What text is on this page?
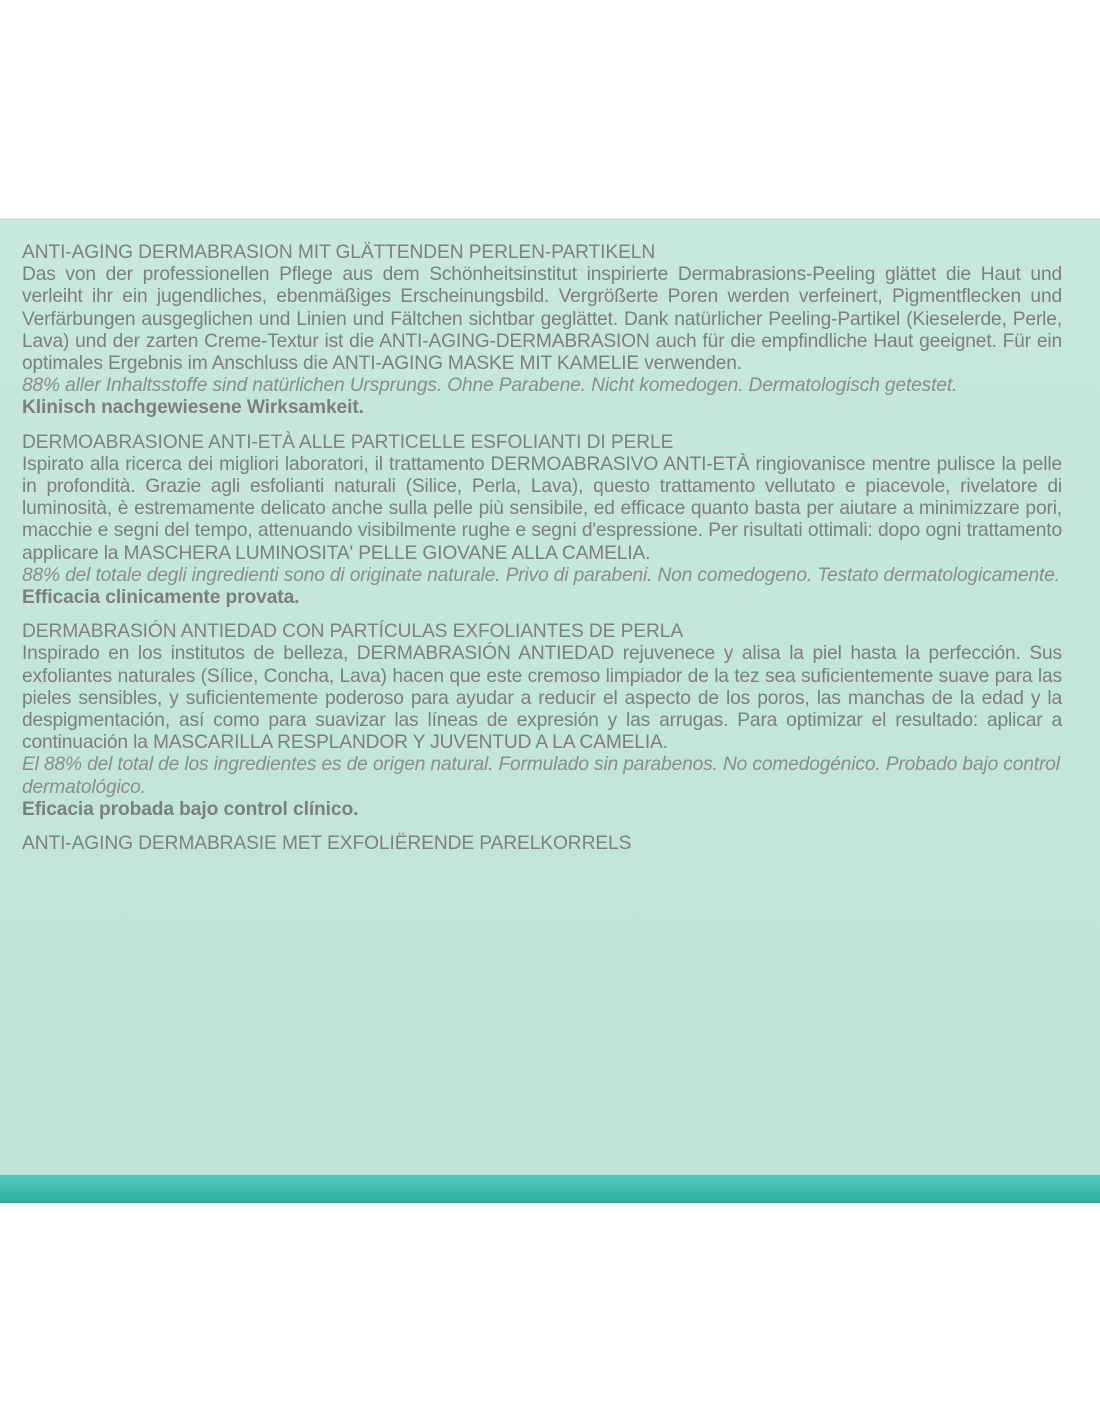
ANTI-AGING DERMABRASION MIT GLÄTTENDEN PERLEN-PARTIKELN
Das von der professionellen Pflege aus dem Schönheitsinstitut inspirierte Dermabrasions-Peeling glättet die Haut und verleiht ihr ein jugendliches, ebenmäßiges Erscheinungsbild. Vergrößerte Poren werden verfeinert, Pigmentflecken und Verfärbungen ausgeglichen und Linien und Fältchen sichtbar geglättet. Dank natürlicher Peeling-Partikel (Kieselerde, Perle, Lava) und der zarten Creme-Textur ist die ANTI-AGING-DERMABRASION auch für die empfindliche Haut geeignet. Für ein optimales Ergebnis im Anschluss die ANTI-AGING MASKE MIT KAMELIE verwenden.
88% aller Inhaltsstoffe sind natürlichen Ursprungs. Ohne Parabene. Nicht komedogen. Dermatologisch getestet.
Klinisch nachgewiesene Wirksamkeit.
DERMOABRASIONE ANTI-ETÀ ALLE PARTICELLE ESFOLIANTI DI PERLE
Ispirato alla ricerca dei migliori laboratori, il trattamento DERMOABRASIVO ANTI-ETÀ ringiovanisce mentre pulisce la pelle in profondità. Grazie agli esfolianti naturali (Silice, Perla, Lava), questo trattamento vellutato e piacevole, rivelatore di luminosità, è estremamente delicato anche sulla pelle più sensibile, ed efficace quanto basta per aiutare a minimizzare pori, macchie e segni del tempo, attenuando visibilmente rughe e segni d'espressione. Per risultati ottimali: dopo ogni trattamento applicare la MASCHERA LUMINOSITA' PELLE GIOVANE ALLA CAMELIA.
88% del totale degli ingredienti sono di originate naturale. Privo di parabeni. Non comedogeno. Testato dermatologicamente.
Efficacia clinicamente provata.
DERMABRASIÓN ANTIEDAD CON PARTÍCULAS EXFOLIANTES DE PERLA
Inspirado en los institutos de belleza, DERMABRASIÓN ANTIEDAD rejuvenece y alisa la piel hasta la perfección. Sus exfoliantes naturales (Sílice, Concha, Lava) hacen que este cremoso limpiador de la tez sea suficientemente suave para las pieles sensibles, y suficientemente poderoso para ayudar a reducir el aspecto de los poros, las manchas de la edad y la despigmentación, así como para suavizar las líneas de expresión y las arrugas. Para optimizar el resultado: aplicar a continuación la MASCARILLA RESPLANDOR Y JUVENTUD A LA CAMELIA.
El 88% del total de los ingredientes es de origen natural. Formulado sin parabenos. No comedogénico. Probado bajo control dermatológico.
Eficacia probada bajo control clínico.
ANTI-AGING DERMABRASIE MET EXFOLIËRENDE PARELKORRELS
